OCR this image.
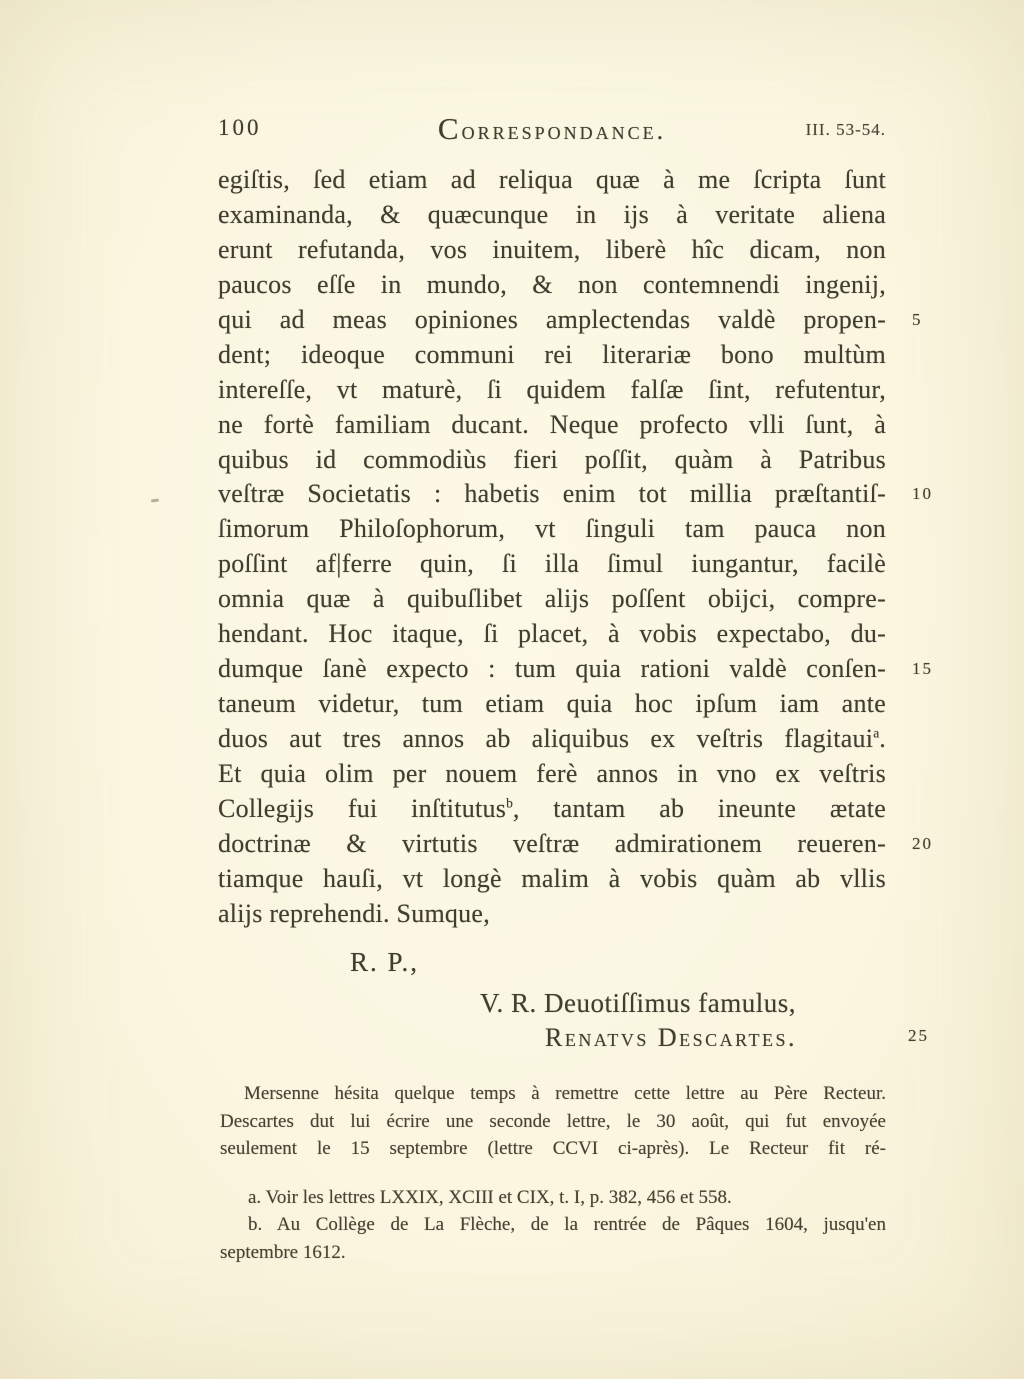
100	Correspondance.	III. 53-54.
egiſtis, ſed etiam ad reliqua quæ à me ſcripta ſunt
examinanda, & quæcunque in ijs à veritate aliena
erunt refutanda, vos inuitem, liberè hîc dicam, non
paucos eſſe in mundo, & non contemnendi ingenij,
qui ad meas opiniones amplectendas valdè propen- 5
dent; ideoque communi rei literariæ bono multùm
intereſſe, vt maturè, ſi quidem falſæ ſint, refutentur,
ne fortè familiam ducant. Neque profecto vlli ſunt, à
quibus id commodiùs fieri poſſit, quàm à Patribus
veſtræ Societatis : habetis enim tot millia præſtantiſ- 10
ſimorum Philoſophorum, vt ſinguli tam pauca non
poſſint af|ferre quin, ſi illa ſimul iungantur, facilè
omnia quæ à quibuſlibet alijs poſſent obijci, compre-
hendant. Hoc itaque, ſi placet, à vobis expectabo, du-
dumque ſanè expecto : tum quia rationi valdè conſen- 15
taneum videtur, tum etiam quia hoc ipſum iam ante
duos aut tres annos ab aliquibus ex veſtris flagitaui$^a$.
Et quia olim per nouem ferè annos in vno ex veſtris
Collegijs fui inſtitutus$^b$, tantam ab ineunte ætate
doctrinæ & virtutis veſtræ admirationem reueren- 20
tiamque hauſi, vt longè malim à vobis quàm ab vllis
alijs reprehendi. Sumque,
R. P.,
V. R. Deuotiſſimus famulus,
Renatvs Descartes.	25
Mersenne hésita quelque temps à remettre cette lettre au Père Recteur.
Descartes dut lui écrire une seconde lettre, le 30 août, qui fut envoyée
seulement le 15 septembre (lettre CCVI ci-après). Le Recteur fit ré-
a. Voir les lettres LXXIX, XCIII et CIX, t. I, p. 382, 456 et 558.
b. Au Collège de La Flèche, de la rentrée de Pâques 1604, jusqu'en
septembre 1612.
